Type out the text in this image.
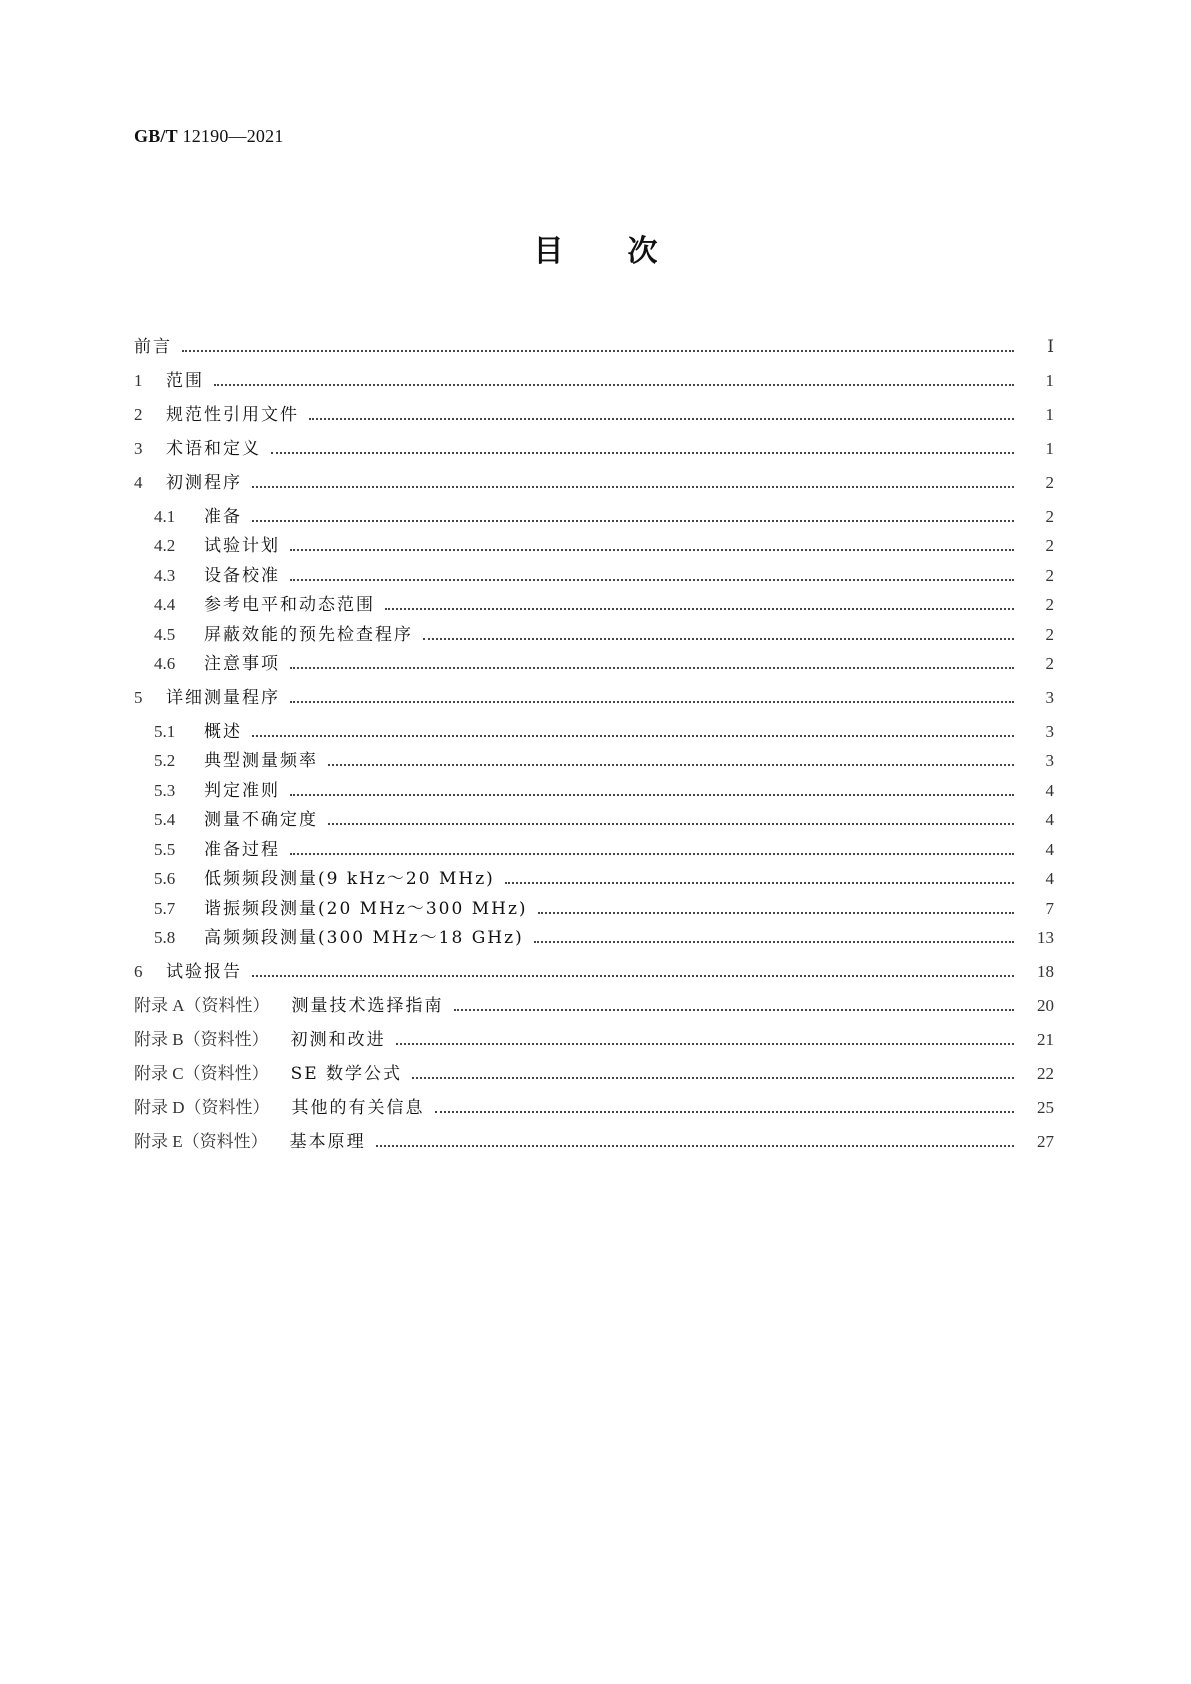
GB/T 12190—2021
目次
前言	Ⅰ
1	范围	1
2	规范性引用文件	1
3	术语和定义	1
4	初测程序	2
4.1	准备	2
4.2	试验计划	2
4.3	设备校准	2
4.4	参考电平和动态范围	2
4.5	屏蔽效能的预先检查程序	2
4.6	注意事项	2
5	详细测量程序	3
5.1	概述	3
5.2	典型测量频率	3
5.3	判定准则	4
5.4	测量不确定度	4
5.5	准备过程	4
5.6	低频频段测量(9 kHz～20 MHz)	4
5.7	谐振频段测量(20 MHz～300 MHz)	7
5.8	高频频段测量(300 MHz～18 GHz)	13
6	试验报告	18
附录 A（资料性） 测量技术选择指南	20
附录 B（资料性） 初测和改进	21
附录 C（资料性） SE 数学公式	22
附录 D（资料性） 其他的有关信息	25
附录 E（资料性） 基本原理	27
